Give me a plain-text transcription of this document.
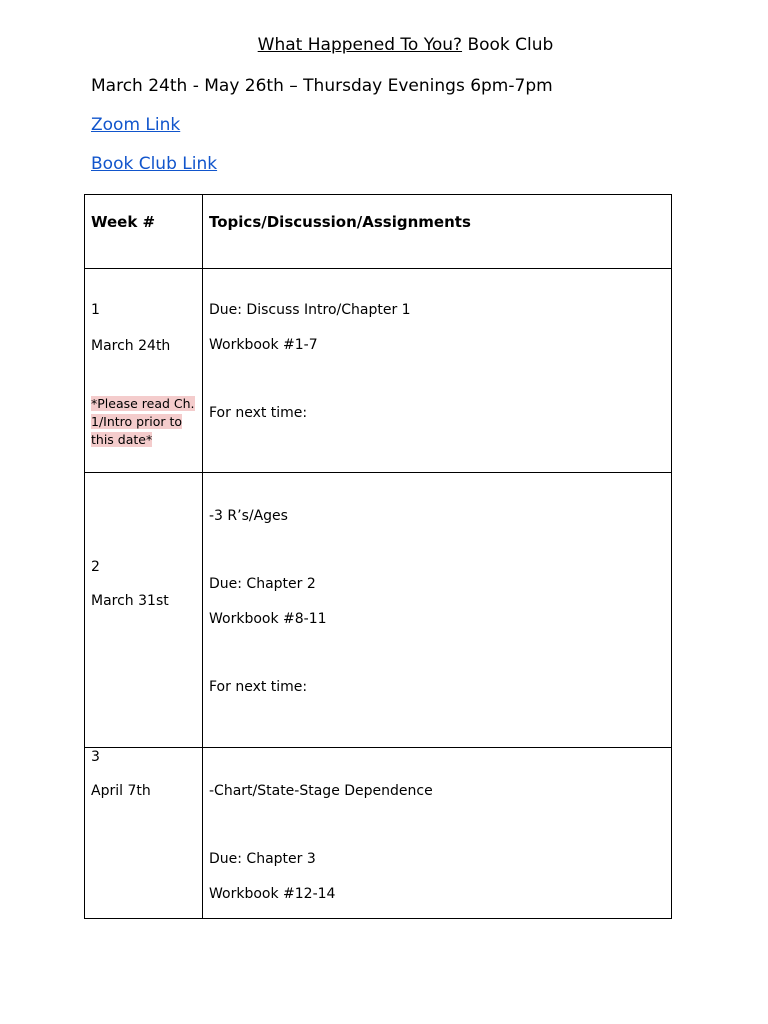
What Happened To You? Book Club
March 24th - May 26th – Thursday Evenings 6pm-7pm
Zoom Link
Book Club Link
Week #	Topics/Discussion/Assignments

1
March 24th
*Please read Ch. 1/Intro prior to this date*	Due: Discuss Intro/Chapter 1
Workbook #1-7
For next time:

2
March 31st	-3 R’s/Ages
Due: Chapter 2
Workbook #8-11
For next time:

3
April 7th	-Chart/State-Stage Dependence
Due: Chapter 3
Workbook #12-14
